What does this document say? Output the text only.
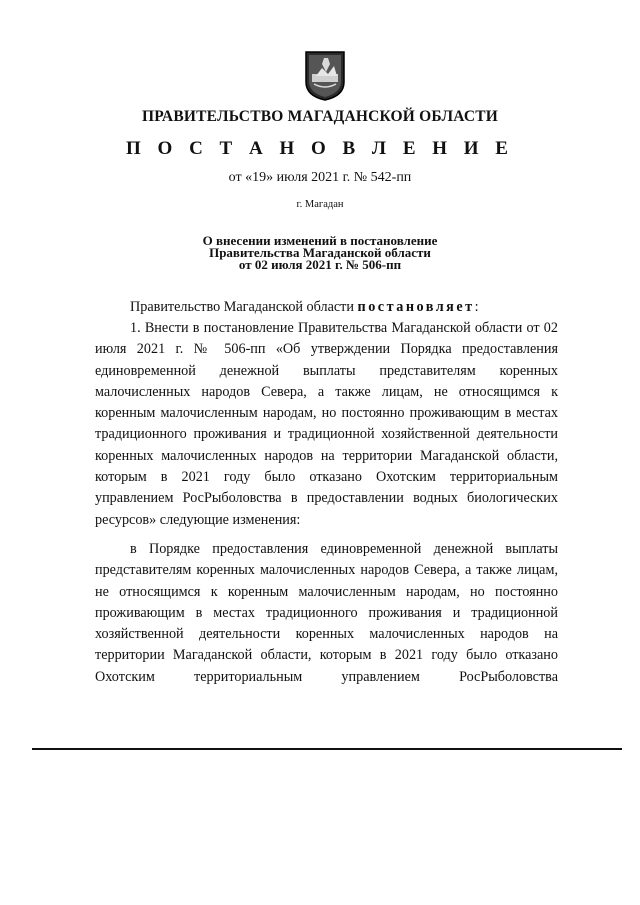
ПРАВИТЕЛЬСТВО МАГАДАНСКОЙ ОБЛАСТИ
П О С Т А Н О В Л Е Н И Е
от «19» июля 2021 г. № 542-пп
г. Магадан
О внесении изменений в постановление
Правительства Магаданской области
от 02 июля 2021 г. № 506-пп
Правительство Магаданской области постановляет:
1. Внести в постановление Правительства Магаданской области от 02 июля 2021 г. № 506-пп «Об утверждении Порядка предоставления единовременной денежной выплаты представителям коренных малочисленных народов Севера, а также лицам, не относящимся к коренным малочисленным народам, но постоянно проживающим в местах традиционного проживания и традиционной хозяйственной деятельности коренных малочисленных народов на территории Магаданской области, которым в 2021 году было отказано Охотским территориальным управлением РосРыболовства в предоставлении водных биологических ресурсов» следующие изменения:
в Порядке предоставления единовременной денежной выплаты представителям коренных малочисленных народов Севера, а также лицам, не относящимся к коренным малочисленным народам, но постоянно проживающим в местах традиционного проживания и традиционной хозяйственной деятельности коренных малочисленных народов на территории Магаданской области, которым в 2021 году было отказано Охотским территориальным управлением РосРыболовства
